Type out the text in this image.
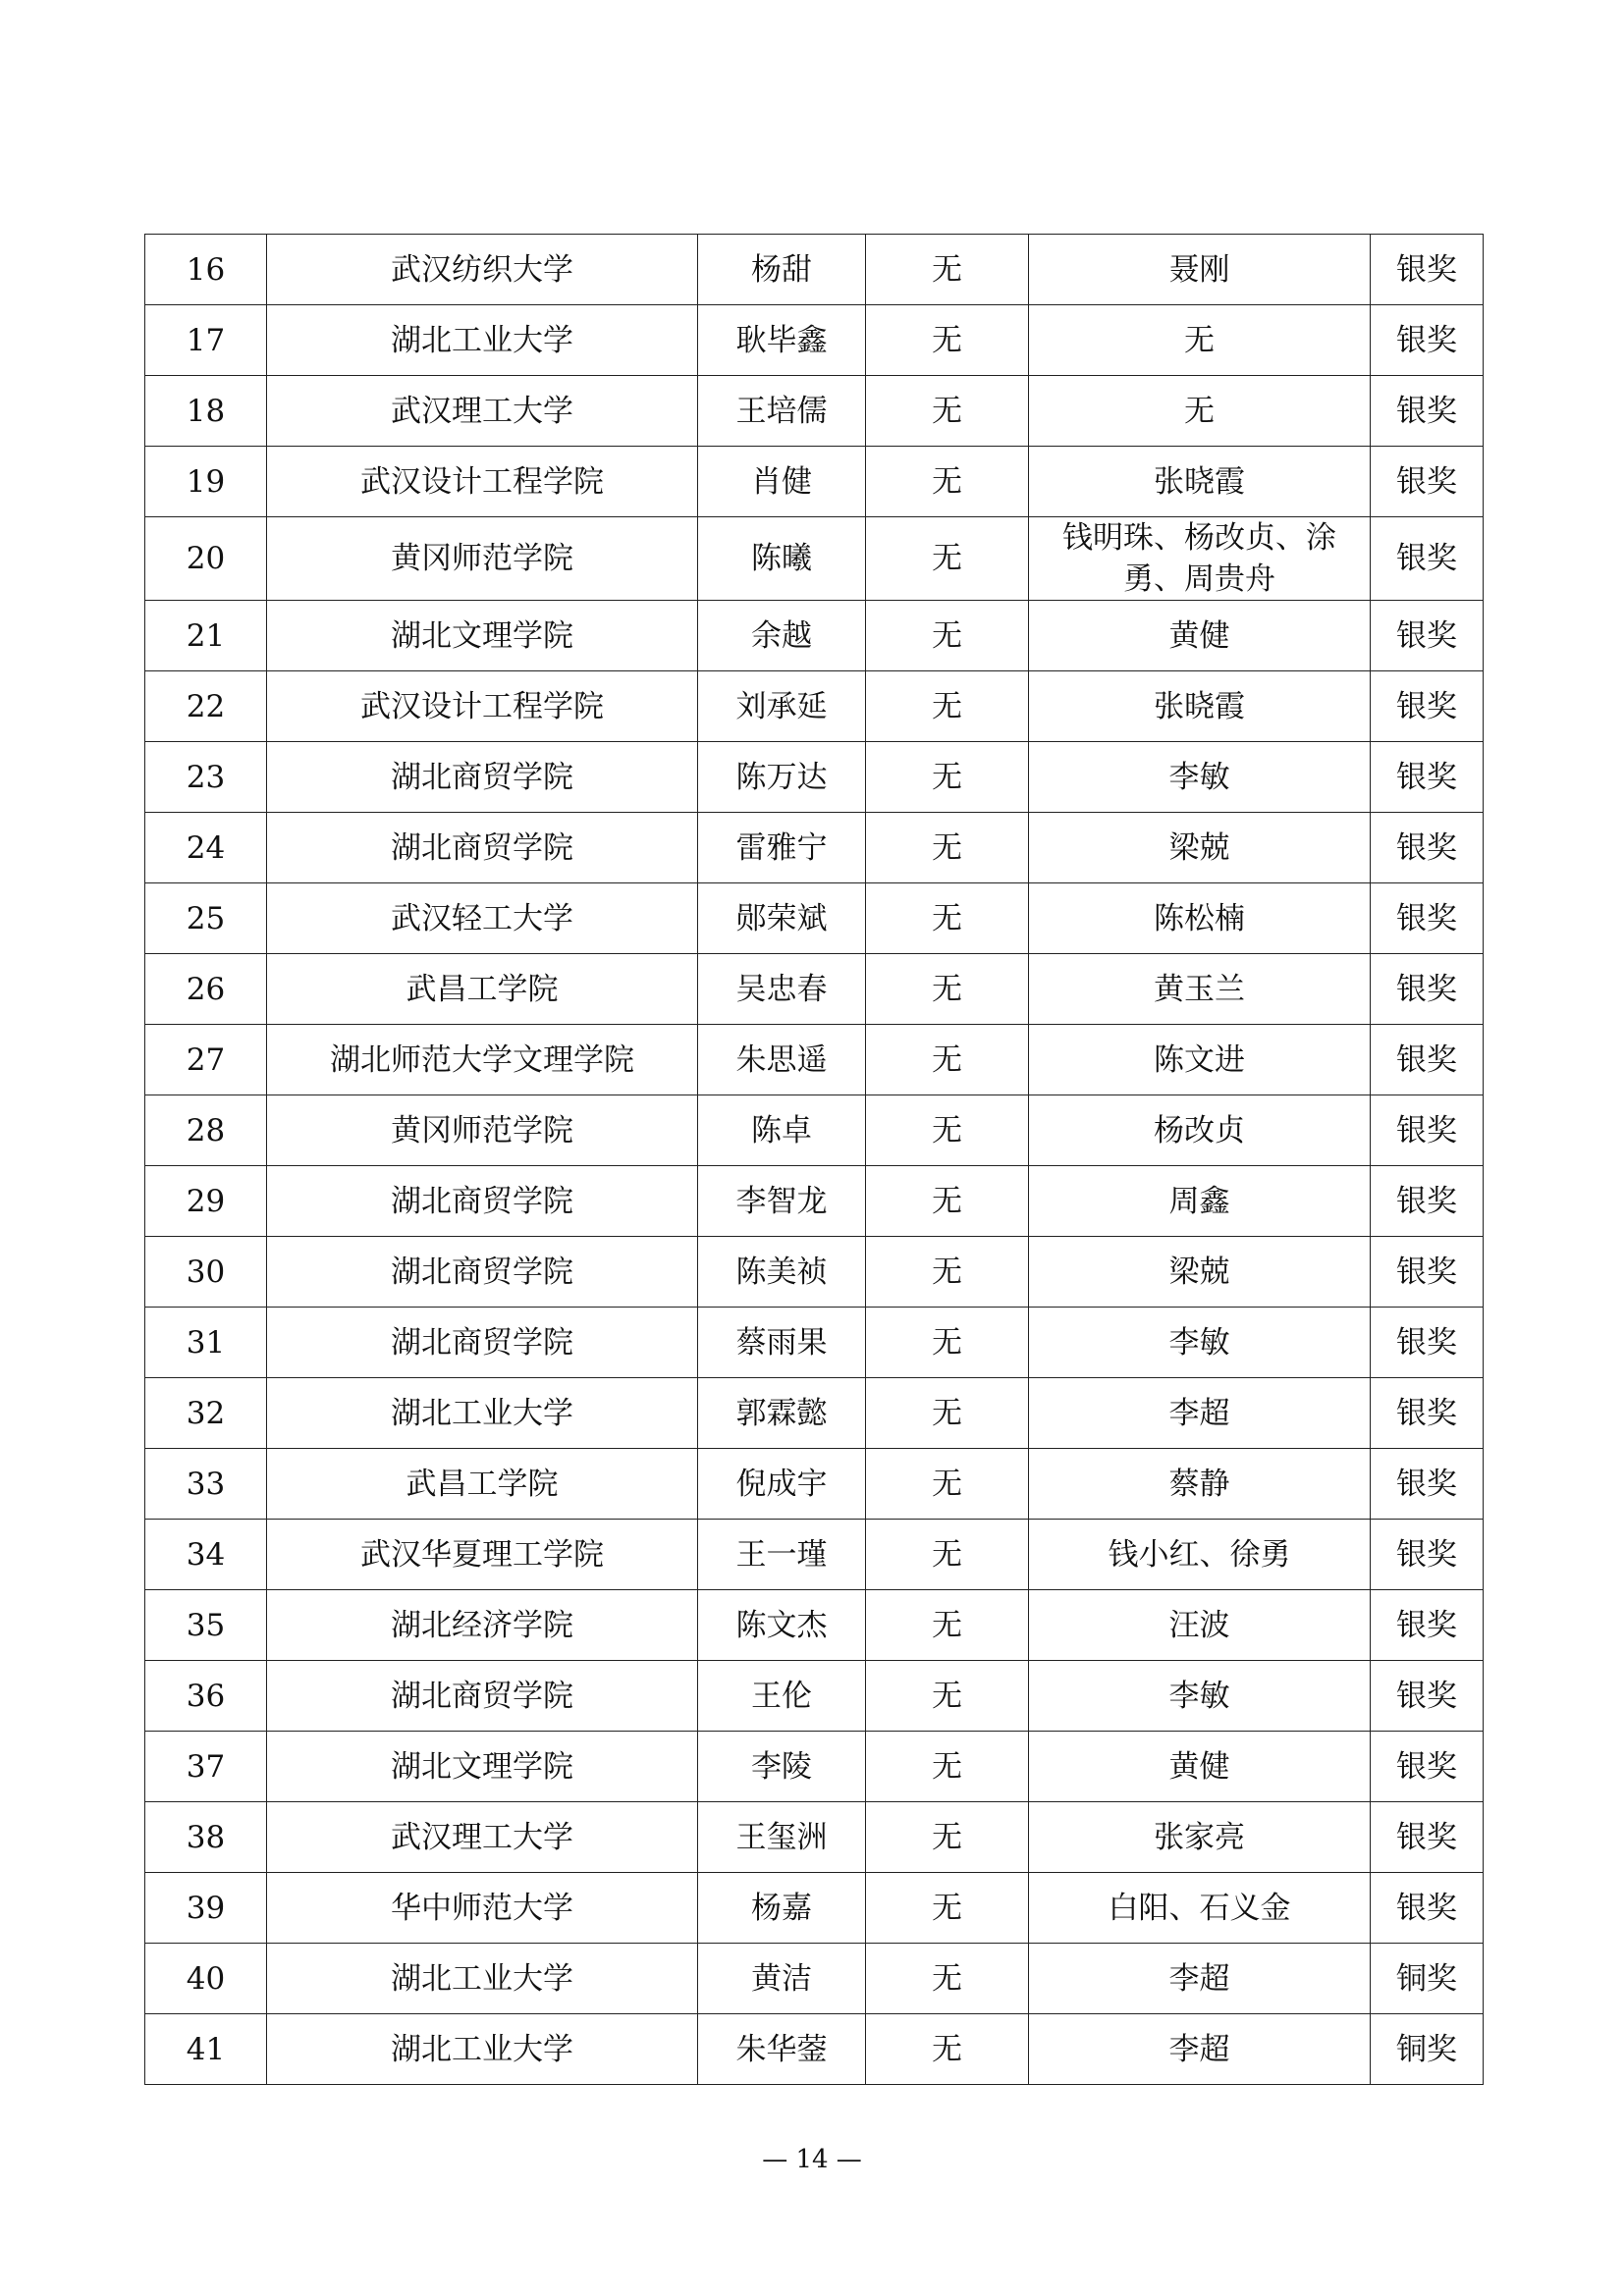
16	武汉纺织大学	杨甜	无	聂刚	银奖
17	湖北工业大学	耿毕鑫	无	无	银奖
18	武汉理工大学	王培儒	无	无	银奖
19	武汉设计工程学院	肖健	无	张晓霞	银奖
20	黄冈师范学院	陈曦	无	钱明珠、杨改贞、涂勇、周贵舟	银奖
21	湖北文理学院	余越	无	黄健	银奖
22	武汉设计工程学院	刘承延	无	张晓霞	银奖
23	湖北商贸学院	陈万达	无	李敏	银奖
24	湖北商贸学院	雷雅宁	无	梁兢	银奖
25	武汉轻工大学	郧荣斌	无	陈松楠	银奖
26	武昌工学院	吴忠春	无	黄玉兰	银奖
27	湖北师范大学文理学院	朱思遥	无	陈文进	银奖
28	黄冈师范学院	陈卓	无	杨改贞	银奖
29	湖北商贸学院	李智龙	无	周鑫	银奖
30	湖北商贸学院	陈美祯	无	梁兢	银奖
31	湖北商贸学院	蔡雨果	无	李敏	银奖
32	湖北工业大学	郭霖懿	无	李超	银奖
33	武昌工学院	倪成宇	无	蔡静	银奖
34	武汉华夏理工学院	王一瑾	无	钱小红、徐勇	银奖
35	湖北经济学院	陈文杰	无	汪波	银奖
36	湖北商贸学院	王伦	无	李敏	银奖
37	湖北文理学院	李陵	无	黄健	银奖
38	武汉理工大学	王玺洲	无	张家亮	银奖
39	华中师范大学	杨嘉	无	白阳、石义金	银奖
40	湖北工业大学	黄洁	无	李超	铜奖
41	湖北工业大学	朱华蓥	无	李超	铜奖
— 14 —
